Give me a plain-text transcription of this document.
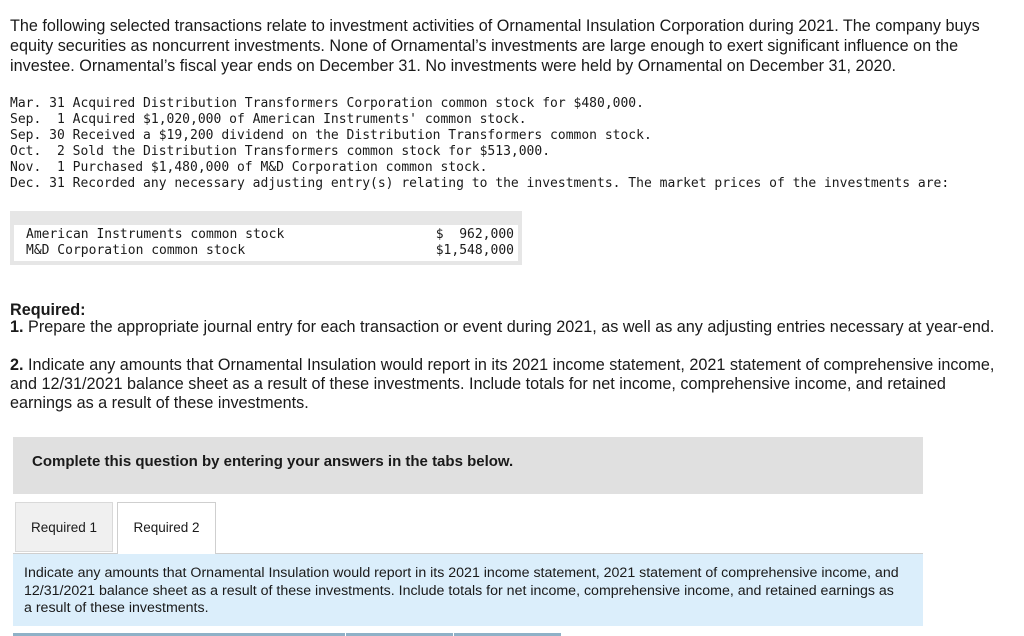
The following selected transactions relate to investment activities of Ornamental Insulation Corporation during 2021. The company buys equity securities as noncurrent investments. None of Ornamental’s investments are large enough to exert significant influence on the investee. Ornamental’s fiscal year ends on December 31. No investments were held by Ornamental on December 31, 2020.

Mar. 31 Acquired Distribution Transformers Corporation common stock for $480,000.
Sep.  1 Acquired $1,020,000 of American Instruments' common stock.
Sep. 30 Received a $19,200 dividend on the Distribution Transformers common stock.
Oct.  2 Sold the Distribution Transformers common stock for $513,000.
Nov.  1 Purchased $1,480,000 of M&D Corporation common stock.
Dec. 31 Recorded any necessary adjusting entry(s) relating to the investments. The market prices of the investments are:
American Instruments common stock	$  962,000
M&D Corporation common stock	$1,548,000
Required:

1. Prepare the appropriate journal entry for each transaction or event during 2021, as well as any adjusting entries necessary at year-end.

2. Indicate any amounts that Ornamental Insulation would report in its 2021 income statement, 2021 statement of comprehensive income, and 12/31/2021 balance sheet as a result of these investments. Include totals for net income, comprehensive income, and retained earnings as a result of these investments.

Complete this question by entering your answers in the tabs below.
Required 1	Required 2
Indicate any amounts that Ornamental Insulation would report in its 2021 income statement, 2021 statement of comprehensive income, and 12/31/2021 balance sheet as a result of these investments. Include totals for net income, comprehensive income, and retained earnings as a result of these investments.
